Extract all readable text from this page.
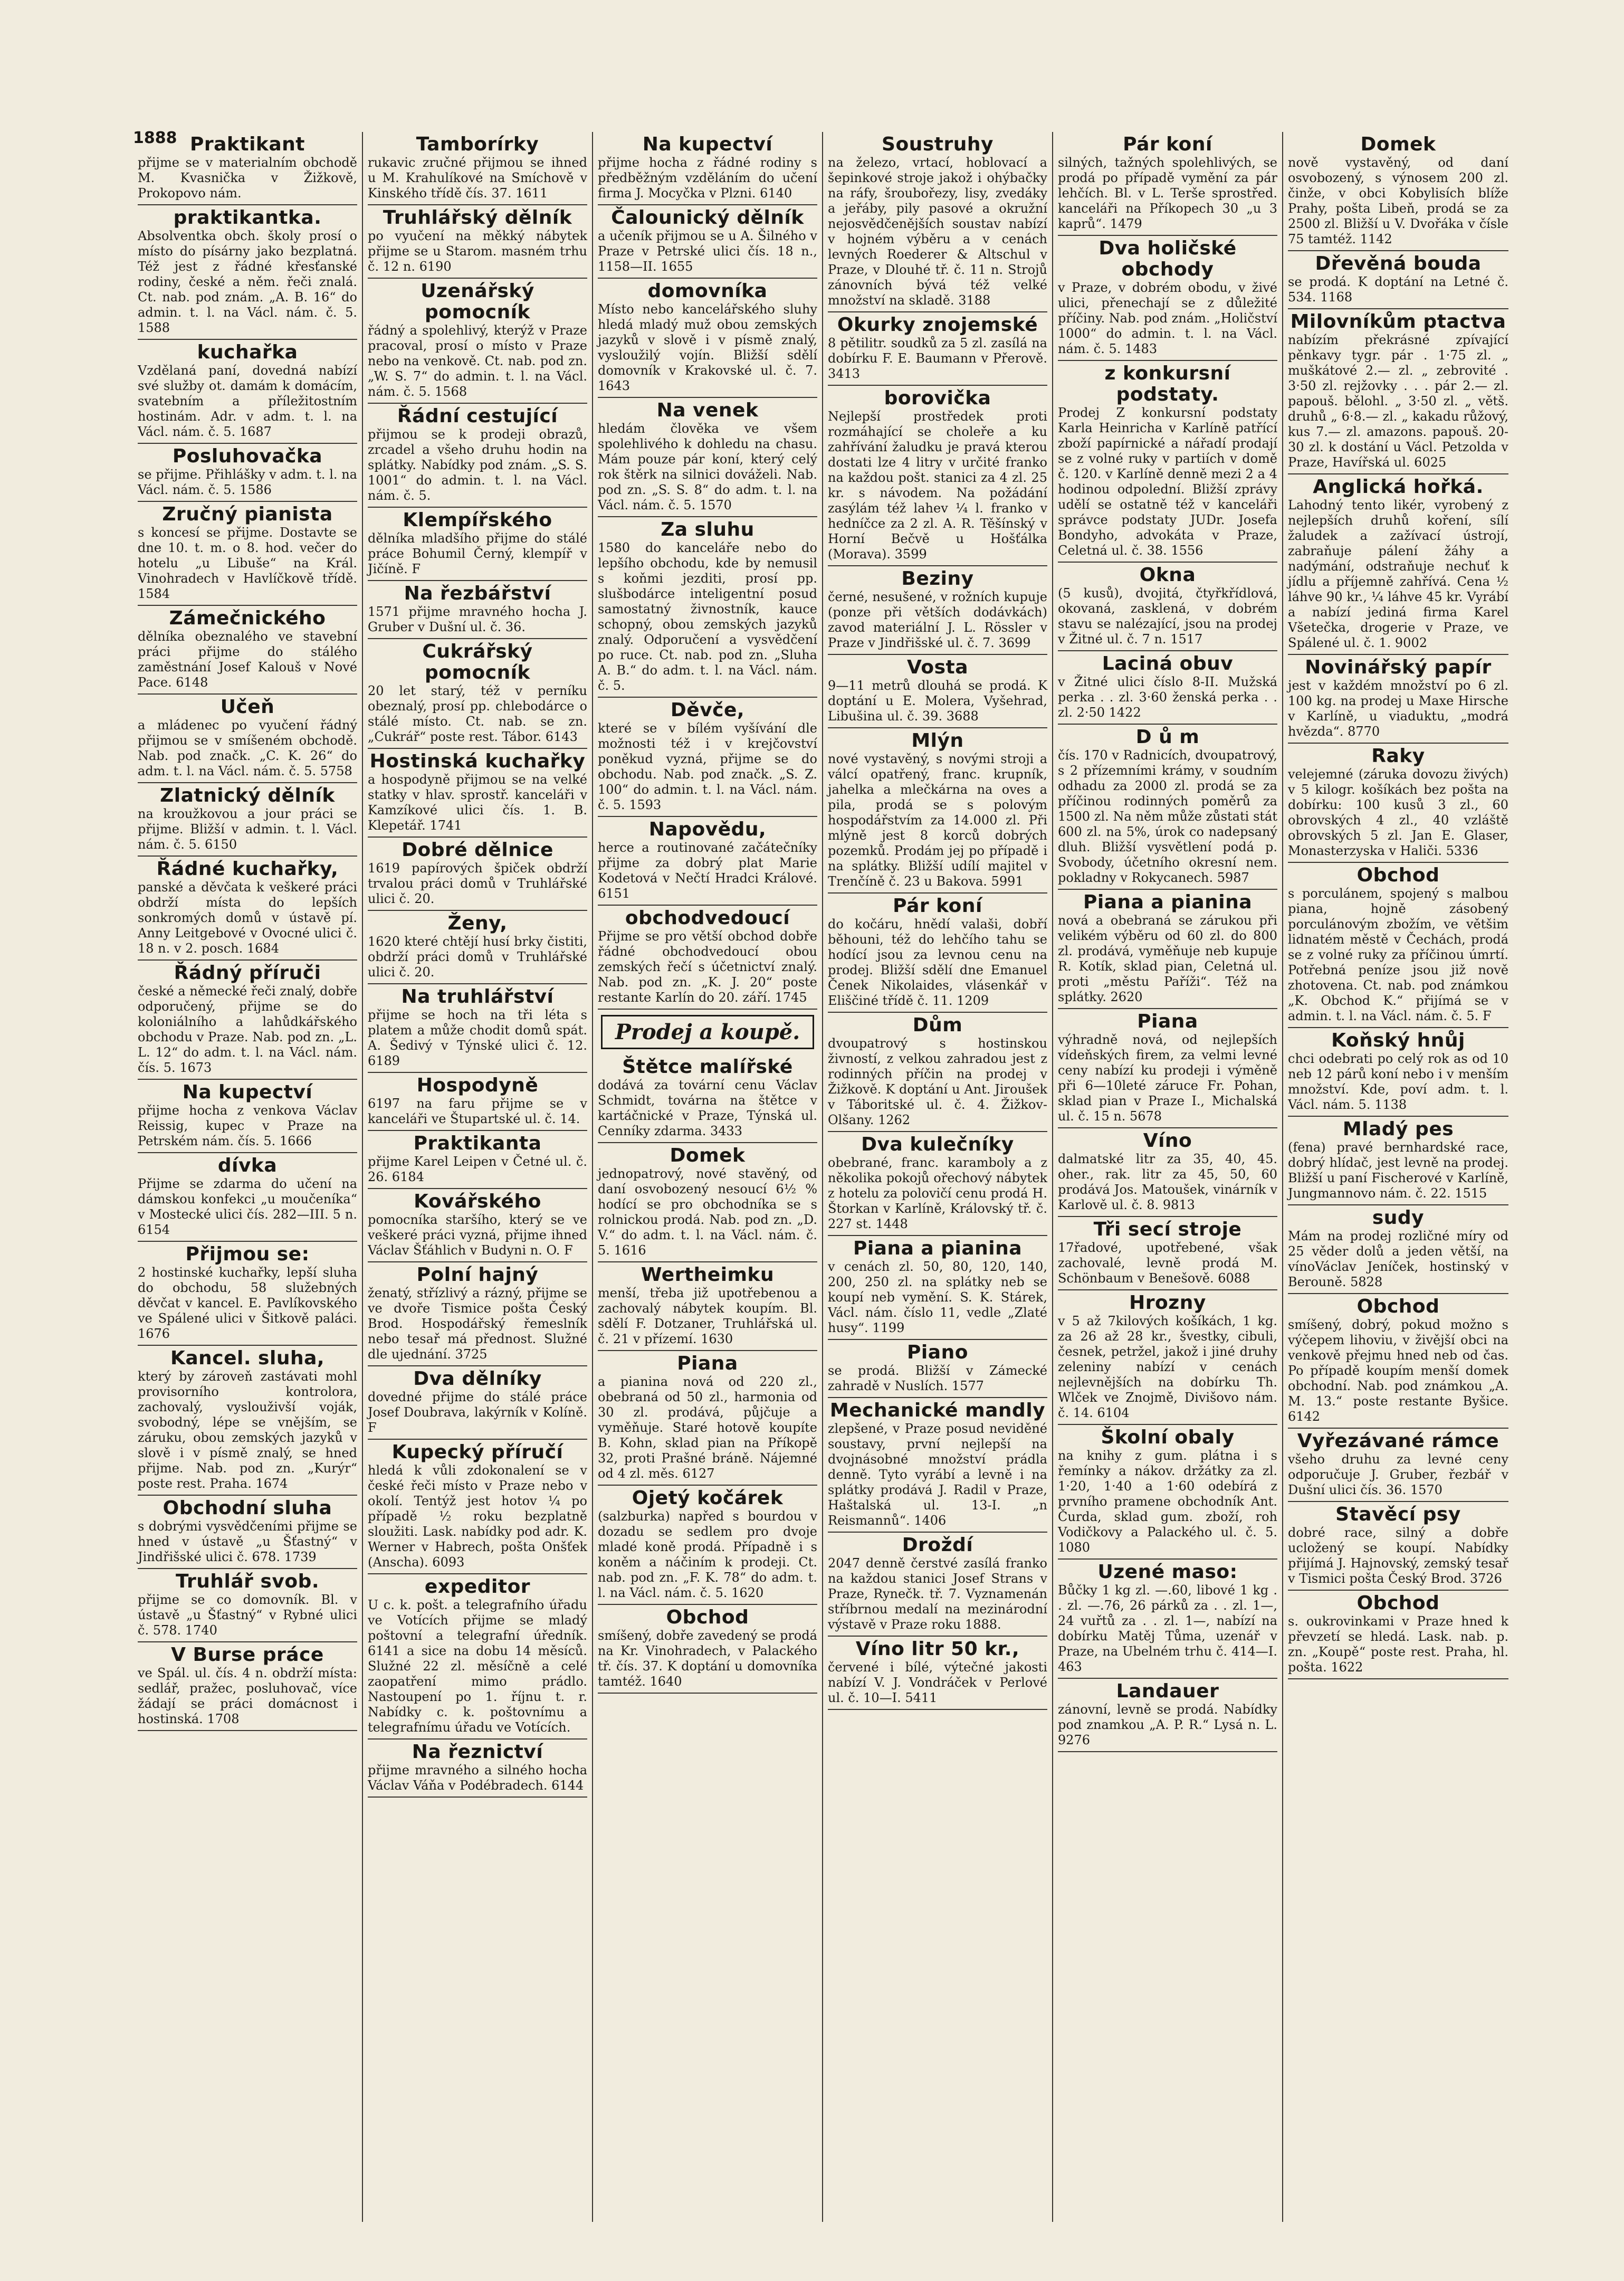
1888 Praktikant
přijme se v materialním obchodě M. Kvasnička v Žižkově, Prokopovo nám.
praktikantka.
Absolventka obch. školy prosí o místo do písárny jako bezplatná. Též jest z řádné křesťanské rodiny, české a něm. řeči znalá. Ct. nab. pod znám. „A. B. 16“ do admin. t. l. na Václ. nám. č. 5. 1588
kuchařka
Vzdělaná paní, dovedná nabízí své služby ot. damám k domácím, svatebním a příležitostním hostinám. Adr. v adm. t. l. na Václ. nám. č. 5. 1687
Posluhovačka
se přijme. Přihlášky v adm. t. l. na Václ. nám. č. 5. 1586
Zručný pianista
s koncesí se přijme. Dostavte se dne 10. t. m. o 8. hod. večer do hotelu „u Libuše“ na Král. Vinohradech v Havlíčkově třídě. 1584
Zámečnického
dělníka obeznalého ve stavební práci přijme do stálého zaměstnání Josef Kalouš v Nové Pace. 6148
Učeň
a mládenec po vyučení řádný přijmou se v smíšeném obchodě. Nab. pod značk. „C. K. 26“ do adm. t. l. na Václ. nám. č. 5. 5758
Zlatnický dělník
na kroužkovou a jour práci se přijme. Bližší v admin. t. l. Václ. nám. č. 5. 6150
Řádné kuchařky,
panské a děvčata k veškeré práci obdrží místa do lepších sonkromých domů v ústavě pí. Anny Leitgebové v Ovocné ulici č. 18 n. v 2. posch. 1684
Řádný příruči
české a německé řeči znalý, dobře odporučený, přijme se do koloniálního a lahůdkářského obchodu v Praze. Nab. pod zn. „L. L. 12“ do adm. t. l. na Václ. nám. čís. 5. 1673
Na kupectví
přijme hocha z venkova Václav Reissig, kupec v Praze na Petrském nám. čís. 5. 1666
dívka
Přijme se zdarma do učení na dámskou konfekci „u moučeníka“ v Mostecké ulici čís. 282—III. 5 n. 6154
Přijmou se:
2 hostinské kuchařky, lepší sluha do obchodu, 58 služebných děvčat v kancel. E. Pavlíkovského ve Spálené ulici v Šitkově paláci. 1676
Kancel. sluha,
který by zároveň zastávati mohl provisorního kontrolora, zachovalý, vyslouživší voják, svobodný, lépe se vnějším, se záruku, obou zemských jazyků v slově i v písmě znalý, se hned přijme. Nab. pod zn. „Kurýr“ poste rest. Praha. 1674
Obchodní sluha
s dobrými vysvědčeními přijme se hned v ústavě „u Šťastný“ v Jindřišské ulici č. 678. 1739
Truhlář svob.
přijme se co domovník. Bl. v ústavě „u Šťastný“ v Rybné ulici č. 578. 1740
V Burse práce
ve Spál. ul. čís. 4 n. obdrží místa: sedlář, pražec, posluhovač, více žádají se práci domácnost i hostinská. 1708
Tamborírky
rukavic zručné přijmou se ihned u M. Krahulíkové na Smíchově v Kinského třídě čís. 37. 1611
Truhlářský dělník
po vyučení na měkký nábytek přijme se u Starom. masném trhu č. 12 n. 6190
Uzenářský pomocník
řádný a spolehlivý, kterýž v Praze pracoval, prosí o místo v Praze nebo na venkově. Ct. nab. pod zn. „W. S. 7“ do admin. t. l. na Václ. nám. č. 5. 1568
Řádní cestující
přijmou se k prodeji obrazů, zrcadel a všeho druhu hodin na splátky. Nabídky pod znám. „S. S. 1001“ do admin. t. l. na Václ. nám. č. 5.
Klempířského
dělníka mladšího přijme do stálé práce Bohumil Černý, klempíř v Jičíně. F
Na řezbářství
1571 přijme mravného hocha J. Gruber v Dušní ul. č. 36.
Cukrářský pomocník
20 let starý, též v perníku obeznalý, prosí pp. chlebodárce o stálé místo. Ct. nab. se zn. „Cukrář“ poste rest. Tábor. 6143
Hostinská kuchařky
a hospodyně přijmou se na velké statky v hlav. sprostř. kanceláři v Kamzíkové ulici čís. 1. B. Klepetář. 1741
Dobré dělnice
1619 papírových špiček obdrží trvalou práci domů v Truhlářské ulici č. 20.
Ženy,
1620 které chtějí husí brky čistiti, obdrží práci domů v Truhlářské ulici č. 20.
Na truhlářství
přijme se hoch na tři léta s platem a může chodit domů spát. A. Šedivý v Týnské ulici č. 12. 6189
Hospodyně
6197 na faru přijme se v kanceláři ve Štupartské ul. č. 14.
Praktikanta
přijme Karel Leipen v Četné ul. č. 26. 6184
Kovářského
pomocníka staršího, který se ve veškeré práci vyzná, přijme ihned Václav Šťáhlich v Budyni n. O. F
Polní hajný
ženatý, střízlivý a rázný, přijme se ve dvoře Tismice pošta Český Brod. Hospodářský řemeslník nebo tesař má přednost. Služné dle ujednání. 3725
Dva dělníky
dovedné přijme do stálé práce Josef Doubrava, lakýrník v Kolíně. F
Kupecký příručí
hledá k vůli zdokonalení se v české řeči místo v Praze nebo v okolí. Tentýž jest hotov ¼ po případě ½ roku bezplatně sloužiti. Lask. nabídky pod adr. K. Werner v Habrech, pošta Onšťek (Anscha). 6093
expeditor
U c. k. pošt. a telegrafního úřadu ve Votících přijme se mladý poštovní a telegrafní úředník. 6141 a sice na dobu 14 měsíců. Služné 22 zl. měsíčně a celé zaopatření mimo prádlo. Nastoupení po 1. říjnu t. r. Nabídky c. k. poštovnímu a telegrafnímu úřadu ve Votících.
Na řeznictví
přijme mravného a silného hocha Václav Váňa v Podébradech. 6144
Na kupectví
přijme hocha z řádné rodiny s předběžným vzděláním do učení firma J. Mocyčka v Plzni. 6140
Čalounický dělník
a učeník přijmou se u A. Šilného v Praze v Petrské ulici čís. 18 n., 1158—II. 1655
domovníka
Místo nebo kancelářského sluhy hledá mladý muž obou zemských jazyků v slově i v písmě znalý, vysloužilý vojín. Bližší sdělí domovník v Krakovské ul. č. 7. 1643
Na venek
hledám člověka ve všem spolehlivého k dohledu na chasu. Mám pouze pár koní, který celý rok štěrk na silnici dováželi. Nab. pod zn. „S. S. 8“ do adm. t. l. na Václ. nám. č. 5. 1570
Za sluhu
1580 do kanceláře nebo do lepšího obchodu, kde by nemusil s koňmi jezditi, prosí pp. slušbodárce inteligentní posud samostatný živnostník, kauce schopný, obou zemských jazyků znalý. Odporučení a vysvědčení po ruce. Ct. nab. pod zn. „Sluha A. B.“ do adm. t. l. na Václ. nám. č. 5.
Děvče,
které se v bílém vyšívání dle možnosti též i v krejčovství poněkud vyzná, přijme se do obchodu. Nab. pod značk. „S. Z. 100“ do admin. t. l. na Václ. nám. č. 5. 1593
Napovědu,
herce a routinované začátečníky přijme za dobrý plat Marie Kodetová v Nečtí Hradci Králové. 6151
obchodvedoucí
Přijme se pro větší obchod dobře řádné obchodvedoucí obou zemských řečí s účetnictví znalý. Nab. pod zn. „K. J. 20“ poste restante Karlín do 20. září. 1745
Prodej a koupě.
Štětce malířské
dodává za tovární cenu Václav Schmidt, továrna na štětce v kartáčnické v Praze, Týnská ul. Cenníky zdarma. 3433
Domek
jednopatrový, nové stavěný, od daní osvobozený nesoucí 6½ % hodící se pro obchodníka se s rolnickou prodá. Nab. pod zn. „D. V.“ do adm. t. l. na Václ. nám. č. 5. 1616
Wertheimku
menší, třeba již upotřebenou a zachovalý nábytek koupím. Bl. sdělí F. Dotzaner, Truhlářská ul. č. 21 v přízemí. 1630
Piana
a pianina nová od 220 zl., obebraná od 50 zl., harmonia od 30 zl. prodává, půjčuje a vyměňuje. Staré hotově koupíte B. Kohn, sklad pian na Příkopě 32, proti Prašné bráně. Nájemné od 4 zl. měs. 6127
Ojetý kočárek
(salzburka) napřed s bourdou v dozadu se sedlem pro dvoje mladé koně prodá. Případně i s koněm a náčiním k prodeji. Ct. nab. pod zn. „F. K. 78“ do adm. t. l. na Václ. nám. č. 5. 1620
Obchod
smíšený, dobře zavedený se prodá na Kr. Vinohradech, v Palackého tř. čís. 37. K doptání u domovníka tamtéž. 1640
Soustruhy
na železo, vrtací, hoblovací a šepinkové stroje jakož i ohýbačky na ráfy, šroubořezy, lisy, zvedáky a jeřáby, pily pasové a okružní nejosvědčenějších soustav nabízí v hojném výběru a v cenách levných Roederer & Altschul v Praze, v Dlouhé tř. č. 11 n. Strojů zánovních bývá též velké množství na skladě. 3188
Okurky znojemské
8 pětilitr. soudků za 5 zl. zasílá na dobírku F. E. Baumann v Přerově. 3413
borovička
Nejlepší prostředek proti rozmáhající se choleře a ku zahřívání žaludku je pravá kterou dostati lze 4 litry v určité franko na každou pošt. stanici za 4 zl. 25 kr. s návodem. Na požádání zasýlám též lahev ¼ l. franko v hedníčce za 2 zl. A. R. Těšínský v Horní Bečvě u Hošťálka (Morava). 3599
Beziny
černé, nesušené, v rožních kupuje (ponze při větších dodávkách) zavod materiální J. L. Rössler v Praze v Jindřišské ul. č. 7. 3699
Vosta
9—11 metrů dlouhá se prodá. K doptání u E. Molera, Vyšehrad, Libušina ul. č. 39. 3688
Mlýn
nové vystavěný, s novými stroji a válcí opatřený, franc. krupník, jahelka a mlečkárna na oves a pila, prodá se s polovým hospodářstvím za 14.000 zl. Při mlýně jest 8 korců dobrých pozemků. Prodám jej po případě i na splátky. Bližší udílí majitel v Trenčíně č. 23 u Bakova. 5991
Pár koní
do kočáru, hnědí valaši, dobří běhouni, též do lehčího tahu se hodící jsou za levnou cenu na prodej. Bližší sdělí dne Emanuel Čenek Nikolaides, vlásenkář v Eliščiné třídě č. 11. 1209
Dům
dvoupatrový s hostinskou živností, z velkou zahradou jest z rodinných příčin na prodej v Žižkově. K doptání u Ant. Jiroušek v Táboritské ul. č. 4. Žižkov-Olšany. 1262
Dva kulečníky
obebrané, franc. karamboly a z několika pokojů ořechový nábytek z hotelu za polovičí cenu prodá H. Štorkan v Karlíně, Královský tř. č. 227 st. 1448
Piana a pianina
v cenách zl. 50, 80, 120, 140, 200, 250 zl. na splátky neb se koupí neb vymění. S. K. Stárek, Václ. nám. číslo 11, vedle „Zlaté husy“. 1199
Piano
se prodá. Bližší v Zámecké zahradě v Nuslích. 1577
Mechanické mandly
zlepšené, v Praze posud neviděné soustavy, první nejlepší na dvojnásobné množství prádla denně. Tyto vyrábí a levně i na splátky prodává J. Radil v Praze, Haštalská ul. 13-I. „n Reismannů“. 1406
Droždí
2047 denně čerstvé zasílá franko na každou stanici Josef Strans v Praze, Rynečk. tř. 7. Vyznamenán stříbrnou medalí na mezinárodní výstavě v Praze roku 1888.
Víno litr 50 kr.,
červené i bílé, výtečné jakosti nabízí V. J. Vondráček v Perlové ul. č. 10—I. 5411
Pár koní
silných, tažných spolehlivých, se prodá po případě vymění za pár lehčích. Bl. v L. Terše sprostřed. kanceláři na Příkopech 30 „u 3 kaprů“. 1479
Dva holičské obchody
v Praze, v dobrém obodu, v živé ulici, přenechají se z důležité příčiny. Nab. pod znám. „Holičství 1000“ do admin. t. l. na Václ. nám. č. 5. 1483
z konkursní podstaty.
Prodej Z konkursní podstaty Karla Heinricha v Karlíně patřící zboží papírnické a nářadí prodají se z volné ruky v partiích v domě č. 120. v Karlíně denně mezi 2 a 4 hodinou odpolední. Bližší zprávy udělí se ostatně též v kanceláři správce podstaty JUDr. Josefa Bondyho, advokáta v Praze, Celetná ul. č. 38. 1556
Okna
(5 kusů), dvojitá, čtyřkřídlová, okovaná, zasklená, v dobrém stavu se nalézající, jsou na prodej v Žitné ul. č. 7 n. 1517
Laciná obuv
v Žitné ulici číslo 8-II. Mužská perka . . zl. 3·60 ženská perka . . zl. 2·50 1422
D ů m
čís. 170 v Radnicích, dvoupatrový, s 2 přízemními krámy, v soudním odhadu za 2000 zl. prodá se za příčinou rodinných poměrů za 1500 zl. Na něm může zůstati stát 600 zl. na 5%, úrok co nadepsaný dluh. Bližší vysvětlení podá p. Svobody, účetního okresní nem. pokladny v Rokycanech. 5987
Piana a pianina
nová a obebraná se zárukou při velikém výběru od 60 zl. do 800 zl. prodává, vyměňuje neb kupuje R. Kotík, sklad pian, Celetná ul. proti „městu Paříži“. Též na splátky. 2620
Piana
výhradně nová, od nejlepších vídeňských firem, za velmi levné ceny nabízí ku prodeji i výměně při 6—10leté záruce Fr. Pohan, sklad pian v Praze I., Michalská ul. č. 15 n. 5678
Víno
dalmatské litr za 35, 40, 45. oher., rak. litr za 45, 50, 60 prodává Jos. Matoušek, vinárník v Karlově ul. č. 8. 9813
Tři secí stroje
17řadové, upotřebené, však zachovalé, levně prodá M. Schönbaum v Benešově. 6088
Hrozny
v 5 až 7kilových košíkách, 1 kg. za 26 až 28 kr., švestky, cibuli, česnek, petržel, jakož i jiné druhy zeleniny nabízí v cenách nejlevnějších na dobírku Th. Wlček ve Znojmě, Divišovo nám. č. 14. 6104
Školní obaly
na knihy z gum. plátna i s řemínky a nákov. držátky za zl. 1·20, 1·40 a 1·60 odebírá z prvního pramene obchodník Ant. Čurda, sklad gum. zboží, roh Vodičkovy a Palackého ul. č. 5. 1080
Uzené maso:
Bůčky 1 kg zl. —.60, libové 1 kg . . zl. —.76, 26 párků za . . zl. 1—, 24 vuřtů za . . zl. 1—, nabízí na dobírku Matěj Tůma, uzenář v Praze, na Ubelném trhu č. 414—I. 463
Landauer
zánovní, levně se prodá. Nabídky pod znamkou „A. P. R.“ Lysá n. L. 9276
Domek
nově vystavěný, od daní osvobozený, s výnosem 200 zl. činže, v obci Kobylisích blíže Prahy, pošta Libeň, prodá se za 2500 zl. Bližší u V. Dvořáka v čísle 75 tamtéž. 1142
Dřevěná bouda
se prodá. K doptání na Letné č. 534. 1168
Milovníkům ptactva
nabízím překrásné zpívající pěnkavy tygr. pár . 1·75 zl. „ muškátové 2.— zl. „ zebrovité . 3·50 zl. rejžovky . . . pár 2.— zl. papouš. bělohl. „ 3·50 zl. „ větš. druhů „ 6·8.— zl. „ kakadu růžový, kus 7.— zl. amazons. papouš. 20-30 zl. k dostání u Václ. Petzolda v Praze, Havířská ul. 6025
Anglická hořká.
Lahodný tento likér, vyrobený z nejlepších druhů koření, sílí žaludek a zažívací ústrojí, zabraňuje pálení žáhy a nadýmání, odstraňuje nechuť k jídlu a příjemně zahřívá. Cena ½ láhve 90 kr., ¼ láhve 45 kr. Vyrábí a nabízí jediná firma Karel Všetečka, drogerie v Praze, ve Spálené ul. č. 1. 9002
Novinářský papír
jest v každém množství po 6 zl. 100 kg. na prodej u Maxe Hirsche v Karlíně, u viaduktu, „modrá hvězda“. 8770
Raky
velejemné (záruka dovozu živých) v 5 kilogr. košíkách bez pošta na dobírku: 100 kusů 3 zl., 60 obrovských 4 zl., 40 vzláště obrovských 5 zl. Jan E. Glaser, Monasterzyska v Haliči. 5336
Obchod
s porculánem, spojený s malbou piana, hojně zásobený porculánovým zbožím, ve většim lidnatém městě v Čechách, prodá se z volné ruky za příčinou úmrtí. Potřebná peníze jsou již nově zhotovena. Ct. nab. pod známkou „K. Obchod K.“ přijímá se v admin. t. l. na Václ. nám. č. 5. F
Koňský hnůj
chci odebrati po celý rok as od 10 neb 12 párů koní nebo i v menším množství. Kde, poví adm. t. l. Václ. nám. 5. 1138
Mladý pes
(fena) pravé bernhardské race, dobrý hlídač, jest levně na prodej. Bližší u paní Fischerové v Karlíně, Jungmannovo nám. č. 22. 1515
sudy
Mám na prodej rozličné míry od 25 věder dolů a jeden větší, na vínoVáclav Jeníček, hostinský v Berouně. 5828
Obchod
smíšený, dobrý, pokud možno s výčepem lihoviu, v živější obci na venkově přejmu hned neb od čas. Po případě koupím menší domek obchodní. Nab. pod známkou „A. M. 13.“ poste restante Byšice. 6142
Vyřezávané rámce
všeho druhu za levné ceny odporučuje J. Gruber, řezbář v Dušní ulici čís. 36. 1570
Stavěcí psy
dobré race, silný a dobře ucložený se koupí. Nabídky přijímá J. Hajnovský, zemský tesař v Tismici pošta Český Brod. 3726
Obchod
s. oukrovinkami v Praze hned k převzetí se hledá. Lask. nab. p. zn. „Koupě“ poste rest. Praha, hl. pošta. 1622
